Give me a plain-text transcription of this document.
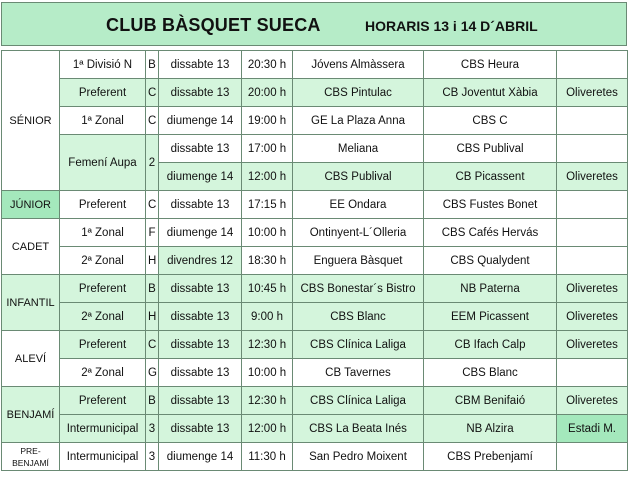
CLUB BÀSQUET SUECA	HORARIS 13 i 14 D´ABRIL
SÉNIOR	1ª Divisió N	B	dissabte 13	20:30 h	Jóvens Almàssera	CBS Heura	
	Preferent	C	dissabte 13	20:00 h	CBS Pintulac	CB Joventut Xàbia	Oliveretes
	1ª Zonal	C	diumenge 14	19:00 h	GE La Plaza Anna	CBS C	
	Femení Aupa	2	dissabte 13	17:00 h	Meliana	CBS Publival	
			diumenge 14	12:00 h	CBS Publival	CB Picassent	Oliveretes
JÚNIOR	Preferent	C	dissabte 13	17:15 h	EE Ondara	CBS Fustes Bonet	
CADET	1ª Zonal	F	diumenge 14	10:00 h	Ontinyent-L´Olleria	CBS Cafés Hervás	
	2ª Zonal	H	divendres 12	18:30 h	Enguera Bàsquet	CBS Qualydent	
INFANTIL	Preferent	B	dissabte 13	10:45 h	CBS Bonestar´s Bistro	NB Paterna	Oliveretes
	2ª Zonal	H	dissabte 13	9:00 h	CBS Blanc	EEM Picassent	Oliveretes
ALEVÍ	Preferent	C	dissabte 13	12:30 h	CBS Clínica Laliga	CB Ifach Calp	Oliveretes
	2ª Zonal	G	dissabte 13	10:00 h	CB Tavernes	CBS Blanc	
BENJAMÍ	Preferent	B	dissabte 13	12:30 h	CBS Clínica Laliga	CBM Benifaió	Oliveretes
	Intermunicipal	3	dissabte 13	12:00 h	CBS La Beata Inés	NB Alzira	Estadi M.
PRE-
BENJAMÍ	Intermunicipal	3	diumenge 14	11:30 h	San Pedro Moixent	CBS Prebenjamí	
